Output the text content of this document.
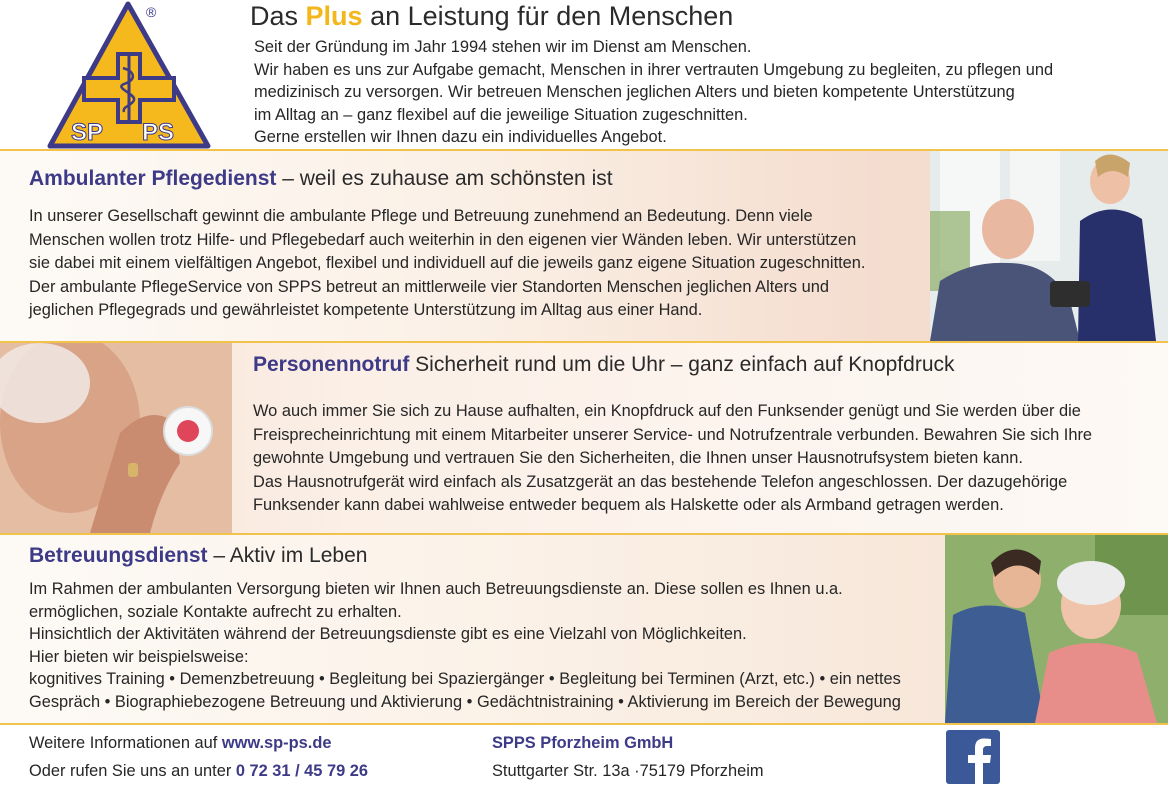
SP PS
®	Das Plus an Leistung für den Menschen

Seit der Gründung im Jahr 1994 stehen wir im Dienst am Menschen.

Wir haben es uns zur Aufgabe gemacht, Menschen in ihrer vertrauten Umgebung zu begleiten, zu pflegen und

medizinisch zu versorgen. Wir betreuen Menschen jeglichen Alters und bieten kompetente Unterstützung

im Alltag an – ganz flexibel auf die jeweilige Situation zugeschnitten.

Gerne erstellen wir Ihnen dazu ein individuelles Angebot.

Ambulanter Pflegedienst – weil es zuhause am schönsten ist

In unserer Gesellschaft gewinnt die ambulante Pflege und Betreuung zunehmend an Bedeutung. Denn viele

Menschen wollen trotz Hilfe- und Pflegebedarf auch weiterhin in den eigenen vier Wänden leben. Wir unterstützen

sie dabei mit einem vielfältigen Angebot, flexibel und individuell auf die jeweils ganz eigene Situation zugeschnitten.

Der ambulante PflegeService von SPPS betreut an mittlerweile vier Standorten Menschen jeglichen Alters und

jeglichen Pflegegrads und gewährleistet kompetente Unterstützung im Alltag aus einer Hand.

Personennotruf Sicherheit rund um die Uhr – ganz einfach auf Knopfdruck

Wo auch immer Sie sich zu Hause aufhalten, ein Knopfdruck auf den Funksender genügt und Sie werden über die

Freisprecheinrichtung mit einem Mitarbeiter unserer Service- und Notrufzentrale verbunden. Bewahren Sie sich Ihre

gewohnte Umgebung und vertrauen Sie den Sicherheiten, die Ihnen unser Hausnotrufsystem bieten kann.

Das Hausnotrufgerät wird einfach als Zusatzgerät an das bestehende Telefon angeschlossen. Der dazugehörige

Funksender kann dabei wahlweise entweder bequem als Halskette oder als Armband getragen werden.

Betreuungsdienst – Aktiv im Leben

Im Rahmen der ambulanten Versorgung bieten wir Ihnen auch Betreuungsdienste an. Diese sollen es Ihnen u.a.

ermöglichen, soziale Kontakte aufrecht zu erhalten.

Hinsichtlich der Aktivitäten während der Betreuungsdienste gibt es eine Vielzahl von Möglichkeiten.

Hier bieten wir beispielsweise:

kognitives Training • Demenzbetreuung • Begleitung bei Spaziergänger • Begleitung bei Terminen (Arzt, etc.) • ein nettes

Gespräch • Biographiebezogene Betreuung und Aktivierung • Gedächtnistraining • Aktivierung im Bereich der Bewegung

Weitere Informationen auf www.sp-ps.de
Oder rufen Sie uns an unter 0 72 31 / 45 79 26
SPPS Pforzheim GmbH
Stuttgarter Str. 13a ·75179 Pforzheim
